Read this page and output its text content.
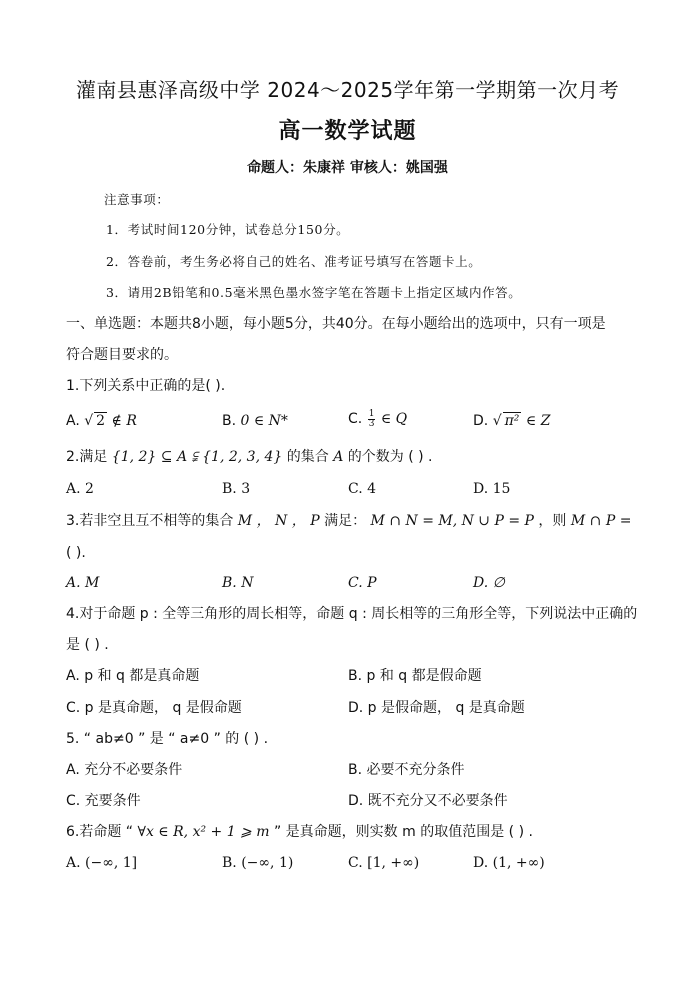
灌南县惠泽高级中学 2024～2025学年第一学期第一次月考
高一数学试题
命题人：朱康祥 审核人：姚国强
注意事项：
1．考试时间120分钟，试卷总分150分。
2．答卷前，考生务必将自己的姓名、准考证号填写在答题卡上。
3．请用2B铅笔和0.5毫米黑色墨水签字笔在答题卡上指定区域内作答。
一、单选题：本题共8小题，每小题5分，共40分。在每小题给出的选项中，只有一项是
符合题目要求的。
1.下列关系中正确的是( ).
A. √ 2 ∉ R	B. 0 ∈ N*	C. $\frac{1}{3}$ ∈ Q	D. √ π² ∈ Z
2.满足 {1, 2} ⊆ A ⫋ {1, 2, 3, 4} 的集合 A 的个数为 ( ) .
A. 2	B. 3	C. 4	D. 15
3.若非空且互不相等的集合 M ， N ， P 满足： M ∩ N = M, N ∪ P = P ，则 M ∩ P =
( ).
A. M	B. N	C. P	D. ∅
4.对于命题 p : 全等三角形的周长相等，命题 q : 周长相等的三角形全等，下列说法中正确的
是 ( ) .
A. p 和 q 都是真命题	B. p 和 q 都是假命题
C. p 是真命题， q 是假命题	D. p 是假命题， q 是真命题
5. “ ab≠0 ” 是 “ a≠0 ” 的 ( ) .
A. 充分不必要条件	B. 必要不充分条件
C. 充要条件	D. 既不充分又不必要条件
6.若命题 “ ∀x ∈ R, x² + 1 ⩾ m ” 是真命题，则实数 m 的取值范围是 ( ) .
A. (−∞, 1]	B. (−∞, 1)	C. [1, +∞)	D. (1, +∞)
